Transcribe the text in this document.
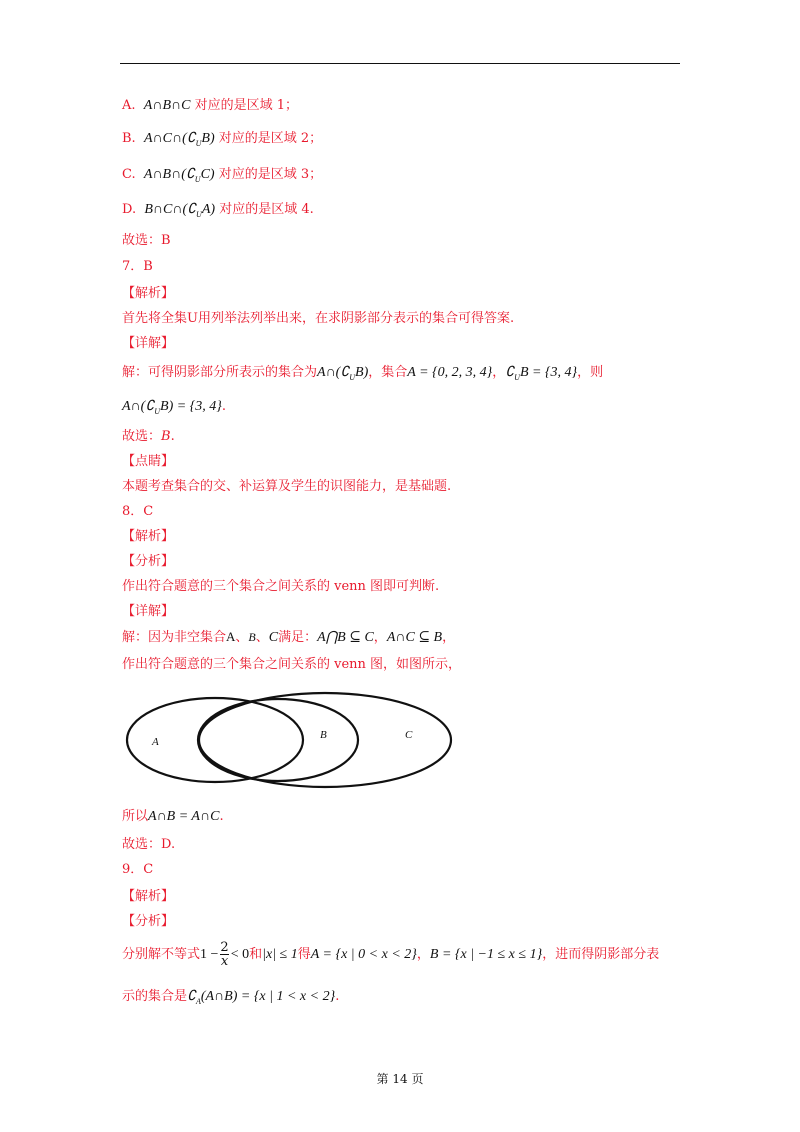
A. A∩B∩C 对应的是区域 1；
B. $A\cap C\cap(∁_UB)$ 对应的是区域 2；
C. $A\cap B\cap(∁_UC)$ 对应的是区域 3；
D. $B\cap C\cap(∁_UA)$ 对应的是区域 4.
故选：B
7．B
【解析】
首先将全集U用列举法列举出来，在求阴影部分表示的集合可得答案.
【详解】
解：可得阴影部分所表示的集合为$A\cap(∁_UB)$，集合A = {0, 2, 3, 4}，$∁_UB = \{3$, 4}，则
$A\cap(∁_UB) = \{3$, 4}.
故选：B.
【点睛】
本题考查集合的交、补运算及学生的识图能力，是基础题.
8．C
【解析】
【分析】
作出符合题意的三个集合之间关系的 venn 图即可判断.
【详解】
解：因为非空集合A、B、C满足：A⋂B ⊆ C，A∩C ⊆ B，
作出符合题意的三个集合之间关系的 venn 图，如图所示，
A
B	C
所以A∩B = A∩C.
故选：D.
9．C
【解析】
【分析】
分别解不等式$1 - \frac{2}{x} < 0$和|x| ≤ 1得A = {x | 0 < x < 2}，B = {x | −1 ≤ x ≤ 1}，进而得阴影部分表
示的集合是$∁_A(A\cap B) = \{x$ | 1 < x < 2}.
第 14 页
